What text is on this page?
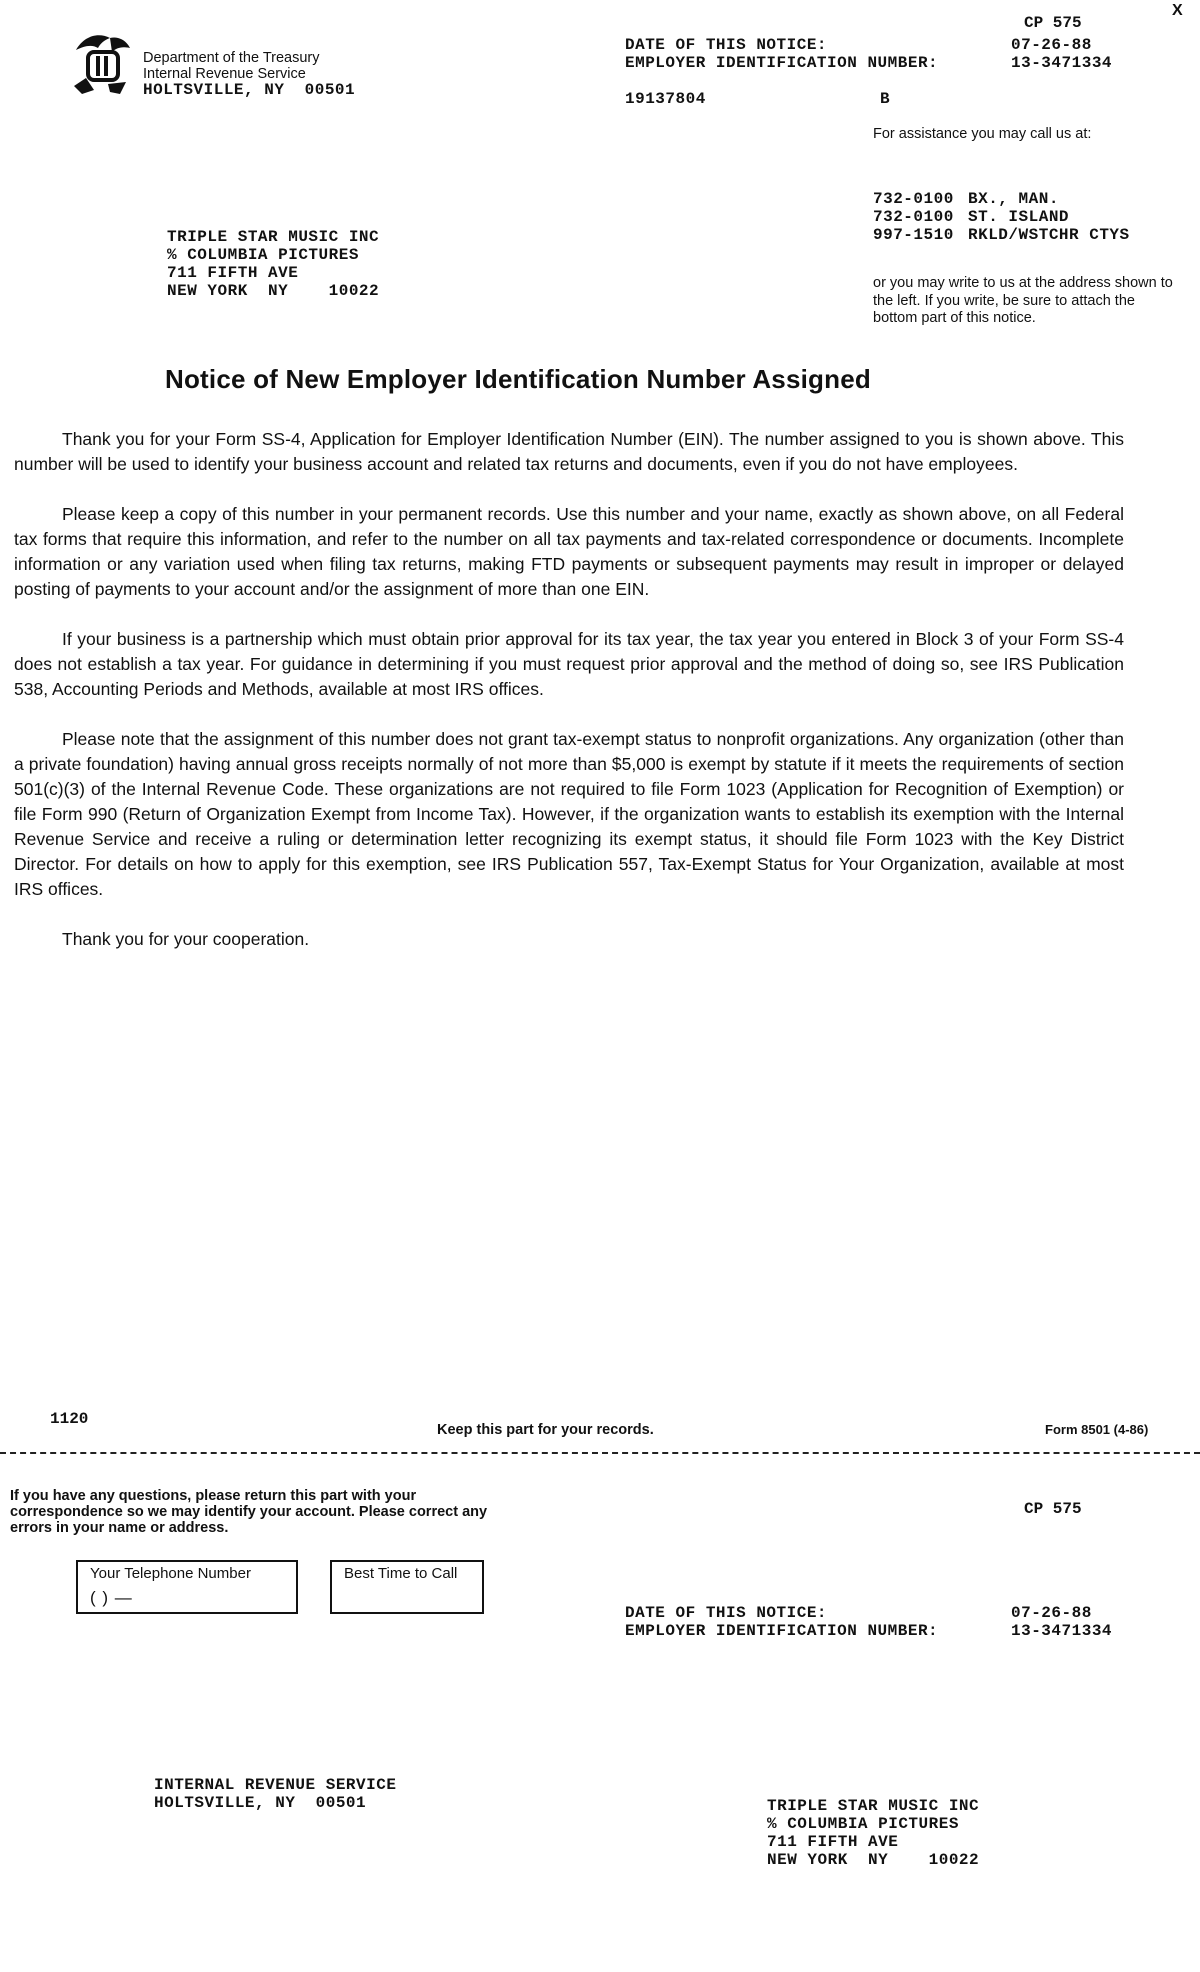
Department of the Treasury
Internal Revenue Service
HOLTSVILLE, NY  00501
X
CP 575
DATE OF THIS NOTICE:	07-26-88
EMPLOYER IDENTIFICATION NUMBER:	13-3471334
19137804	B
For assistance you may call us at:
732-0100 BX., MAN.
732-0100 ST. ISLAND
997-1510 RKLD/WSTCHR CTYS
or you may write to us at the address shown to the left. If you write, be sure to attach the bottom part of this notice.
TRIPLE STAR MUSIC INC
% COLUMBIA PICTURES
711 FIFTH AVE
NEW YORK  NY    10022
Notice of New Employer Identification Number Assigned

Thank you for your Form SS-4, Application for Employer Identification Number (EIN). The number assigned to you is shown above. This number will be used to identify your business account and related tax returns and documents, even if you do not have employees.

Please keep a copy of this number in your permanent records. Use this number and your name, exactly as shown above, on all Federal tax forms that require this information, and refer to the number on all tax payments and tax-related correspondence or documents. Incomplete information or any variation used when filing tax returns, making FTD payments or subsequent payments may result in improper or delayed posting of payments to your account and/or the assignment of more than one EIN.

If your business is a partnership which must obtain prior approval for its tax year, the tax year you entered in Block 3 of your Form SS-4 does not establish a tax year. For guidance in determining if you must request prior approval and the method of doing so, see IRS Publication 538, Accounting Periods and Methods, available at most IRS offices.

Please note that the assignment of this number does not grant tax-exempt status to nonprofit organizations. Any organization (other than a private foundation) having annual gross receipts normally of not more than $5,000 is exempt by statute if it meets the requirements of section 501(c)(3) of the Internal Revenue Code. These organizations are not required to file Form 1023 (Application for Recognition of Exemption) or file Form 990 (Return of Organization Exempt from Income Tax). However, if the organization wants to establish its exemption with the Internal Revenue Service and receive a ruling or determination letter recognizing its exempt status, it should file Form 1023 with the Key District Director. For details on how to apply for this exemption, see IRS Publication 557, Tax-Exempt Status for Your Organization, available at most IRS offices.

Thank you for your cooperation.

1120
Keep this part for your records.	Form 8501 (4-86)
If you have any questions, please return this part with your correspondence so we may identify your account. Please correct any errors in your name or address.
CP 575
Your Telephone Number
( ) —
Best Time to Call
DATE OF THIS NOTICE:	07-26-88
EMPLOYER IDENTIFICATION NUMBER:	13-3471334
INTERNAL REVENUE SERVICE
HOLTSVILLE, NY  00501	TRIPLE STAR MUSIC INC
% COLUMBIA PICTURES
711 FIFTH AVE
NEW YORK  NY    10022
